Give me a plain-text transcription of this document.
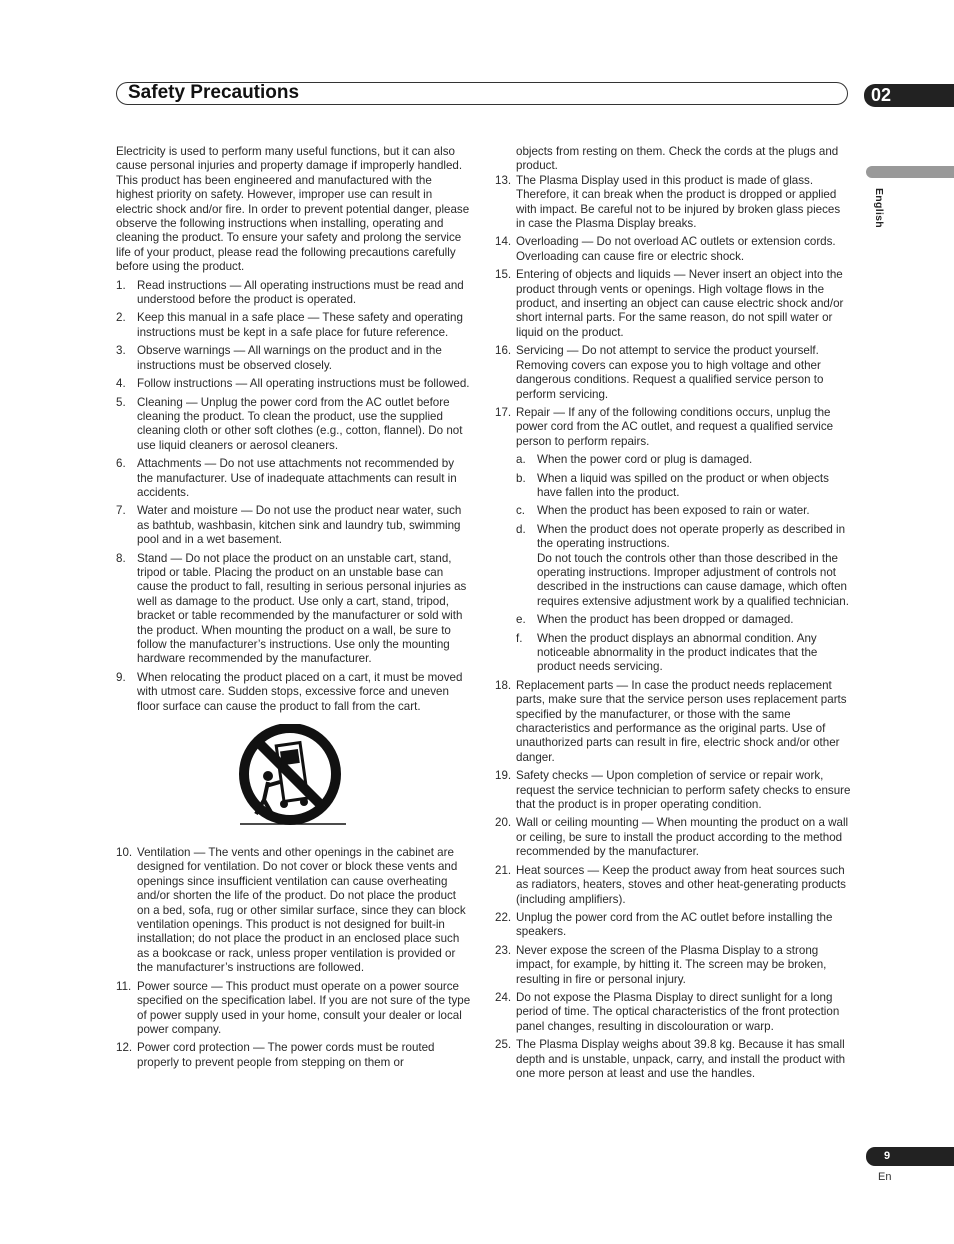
Safety Precautions	02
English

Electricity is used to perform many useful functions, but it can also cause personal injuries and property damage if improperly handled. This product has been engineered and manufactured with the highest priority on safety. However, improper use can result in electric shock and/or fire. In order to prevent potential danger, please observe the following instructions when installing, operating and cleaning the product. To ensure your safety and prolong the service life of your product, please read the following precautions carefully before using the product.

1. Read instructions — All operating instructions must be read and understood before the product is operated.
2. Keep this manual in a safe place — These safety and operating instructions must be kept in a safe place for future reference.
3. Observe warnings — All warnings on the product and in the instructions must be observed closely.
4. Follow instructions — All operating instructions must be followed.
5. Cleaning — Unplug the power cord from the AC outlet before cleaning the product. To clean the product, use the supplied cleaning cloth or other soft clothes (e.g., cotton, flannel). Do not use liquid cleaners or aerosol cleaners.
6. Attachments — Do not use attachments not recommended by the manufacturer. Use of inadequate attachments can result in accidents.
7. Water and moisture — Do not use the product near water, such as bathtub, washbasin, kitchen sink and laundry tub, swimming pool and in a wet basement.
8. Stand — Do not place the product on an unstable cart, stand, tripod or table. Placing the product on an unstable base can cause the product to fall, resulting in serious personal injuries as well as damage to the product. Use only a cart, stand, tripod, bracket or table recommended by the manufacturer or sold with the product. When mounting the product on a wall, be sure to follow the manufacturer’s instructions. Use only the mounting hardware recommended by the manufacturer.
9. When relocating the product placed on a cart, it must be moved with utmost care. Sudden stops, excessive force and uneven floor surface can cause the product to fall from the cart.
10. Ventilation — The vents and other openings in the cabinet are designed for ventilation. Do not cover or block these vents and openings since insufficient ventilation can cause overheating and/or shorten the life of the product. Do not place the product on a bed, sofa, rug or other similar surface, since they can block ventilation openings. This product is not designed for built-in installation; do not place the product in an enclosed place such as a bookcase or rack, unless proper ventilation is provided or the manufacturer’s instructions are followed.
11. Power source — This product must operate on a power source specified on the specification label. If you are not sure of the type of power supply used in your home, consult your dealer or local power company.
12. Power cord protection — The power cords must be routed properly to prevent people from stepping on them or

objects from resting on them. Check the cords at the plugs and product.

13. The Plasma Display used in this product is made of glass. Therefore, it can break when the product is dropped or applied with impact. Be careful not to be injured by broken glass pieces in case the Plasma Display breaks.
14. Overloading — Do not overload AC outlets or extension cords. Overloading can cause fire or electric shock.
15. Entering of objects and liquids — Never insert an object into the product through vents or openings. High voltage flows in the product, and inserting an object can cause electric shock and/or short internal parts. For the same reason, do not spill water or liquid on the product.
16. Servicing — Do not attempt to service the product yourself. Removing covers can expose you to high voltage and other dangerous conditions. Request a qualified service person to perform servicing.
17. Repair — If any of the following conditions occurs, unplug the power cord from the AC outlet, and request a qualified service person to perform repairs.
a. When the power cord or plug is damaged.
b. When a liquid was spilled on the product or when objects have fallen into the product.
c.	When the product has been exposed to rain or water.
d. When the product does not operate properly as described in the operating instructions.
Do not touch the controls other than those described in the operating instructions. Improper adjustment of controls not described in the instructions can cause damage, which often requires extensive adjustment work by a qualified technician.
e. When the product has been dropped or damaged.
f.	When the product displays an abnormal condition. Any noticeable abnormality in the product indicates that the product needs servicing.
18. Replacement parts — In case the product needs replacement parts, make sure that the service person uses replacement parts specified by the manufacturer, or those with the same characteristics and performance as the original parts. Use of unauthorized parts can result in fire, electric shock and/or other danger.
19. Safety checks — Upon completion of service or repair work, request the service technician to perform safety checks to ensure that the product is in proper operating condition.
20. Wall or ceiling mounting — When mounting the product on a wall or ceiling, be sure to install the product according to the method recommended by the manufacturer.
21. Heat sources — Keep the product away from heat sources such as radiators, heaters, stoves and other heat-generating products (including amplifiers).
22. Unplug the power cord from the AC outlet before installing the speakers.
23. Never expose the screen of the Plasma Display to a strong impact, for example, by hitting it. The screen may be broken, resulting in fire or personal injury.
24. Do not expose the Plasma Display to direct sunlight for a long period of time. The optical characteristics of the front protection panel changes, resulting in discolouration or warp.
25. The Plasma Display weighs about 39.8 kg. Because it has small depth and is unstable, unpack, carry, and install the product with one more person at least and use the handles.
9
En
